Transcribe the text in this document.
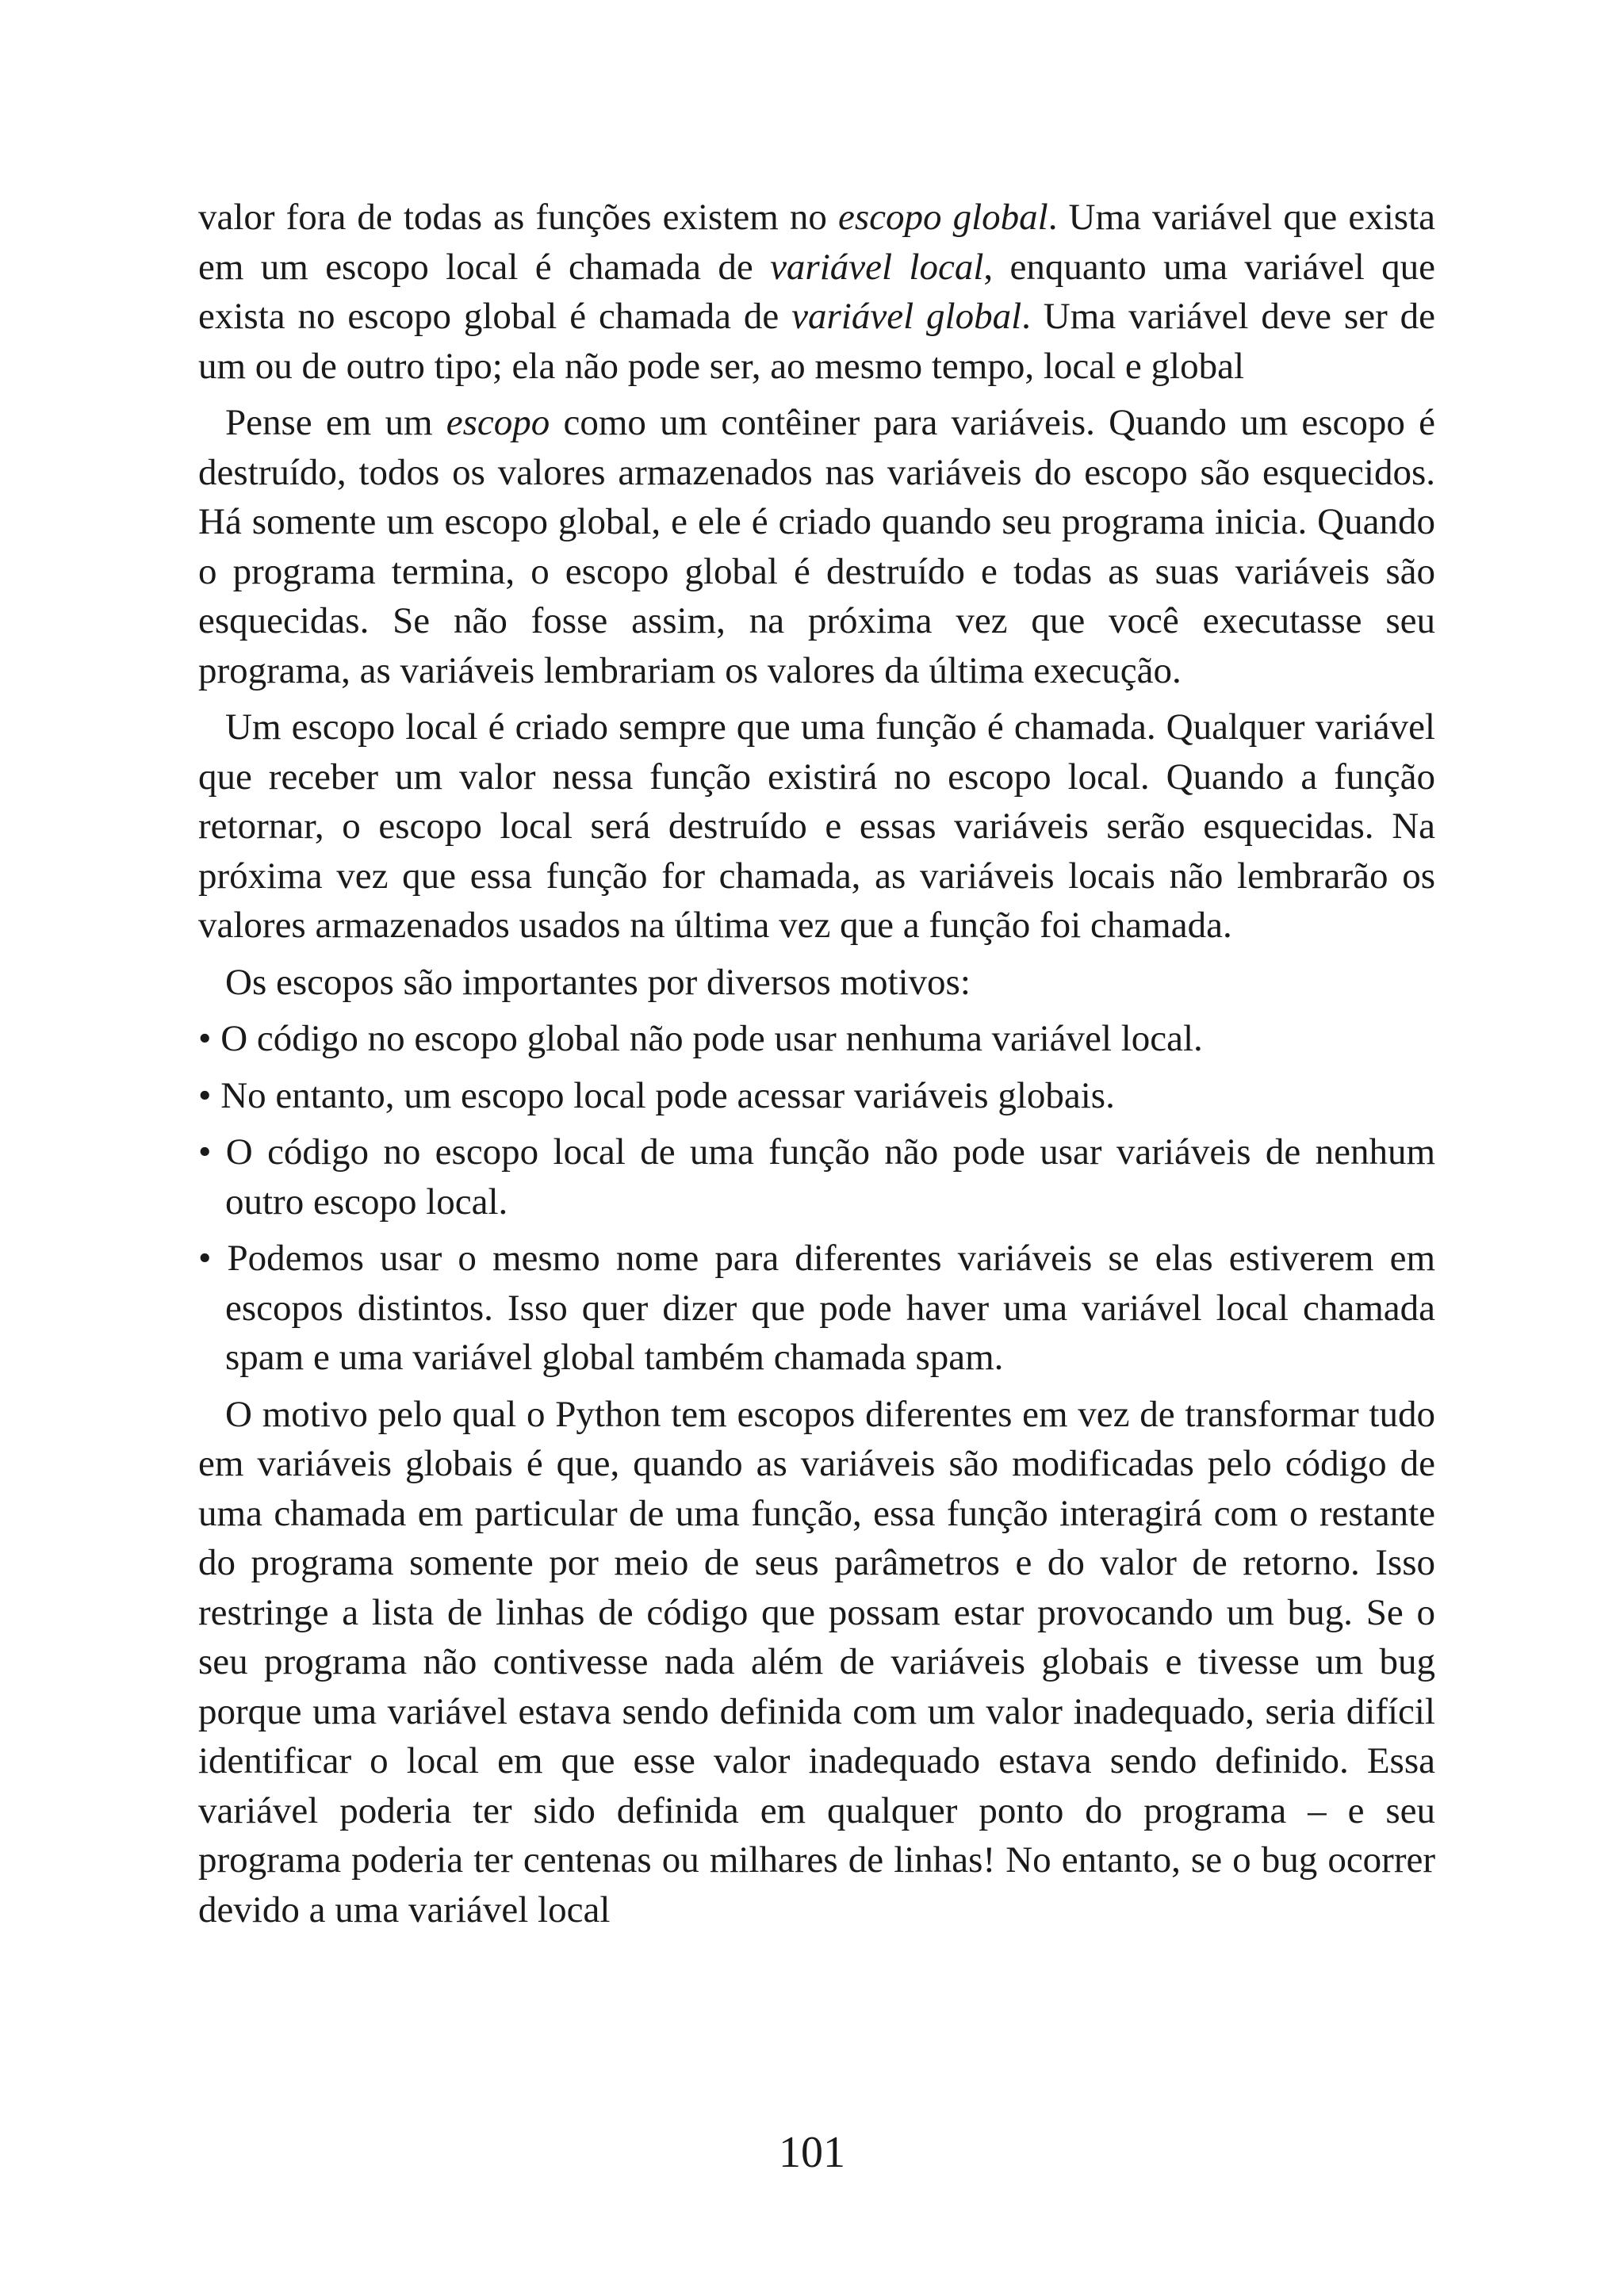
valor fora de todas as funções existem no escopo global. Uma variável que exista em um escopo local é chamada de variável local, enquanto uma variável que exista no escopo global é chamada de variável global. Uma variável deve ser de um ou de outro tipo; ela não pode ser, ao mesmo tempo, local e global

Pense em um escopo como um contêiner para variáveis. Quando um escopo é destruído, todos os valores armazenados nas variáveis do escopo são esquecidos. Há somente um escopo global, e ele é criado quando seu programa inicia. Quando o programa termina, o escopo global é destruído e todas as suas variáveis são esquecidas. Se não fosse assim, na próxima vez que você executasse seu programa, as variáveis lembrariam os valores da última execução.

Um escopo local é criado sempre que uma função é chamada. Qualquer variável que receber um valor nessa função existirá no escopo local. Quando a função retornar, o escopo local será destruído e essas variáveis serão esquecidas. Na próxima vez que essa função for chamada, as variáveis locais não lembrarão os valores armazenados usados na última vez que a função foi chamada.

Os escopos são importantes por diversos motivos:

• O código no escopo global não pode usar nenhuma variável local.

• No entanto, um escopo local pode acessar variáveis globais.

• O código no escopo local de uma função não pode usar variáveis de nenhum outro escopo local.

• Podemos usar o mesmo nome para diferentes variáveis se elas estiverem em escopos distintos. Isso quer dizer que pode haver uma variável local chamada spam e uma variável global também chamada spam.

O motivo pelo qual o Python tem escopos diferentes em vez de transformar tudo em variáveis globais é que, quando as variáveis são modificadas pelo código de uma chamada em particular de uma função, essa função interagirá com o restante do programa somente por meio de seus parâmetros e do valor de retorno. Isso restringe a lista de linhas de código que possam estar provocando um bug. Se o seu programa não contivesse nada além de variáveis globais e tivesse um bug porque uma variável estava sendo definida com um valor inadequado, seria difícil identificar o local em que esse valor inadequado estava sendo definido. Essa variável poderia ter sido definida em qualquer ponto do programa – e seu programa poderia ter centenas ou milhares de linhas! No entanto, se o bug ocorrer devido a uma variável local

101
